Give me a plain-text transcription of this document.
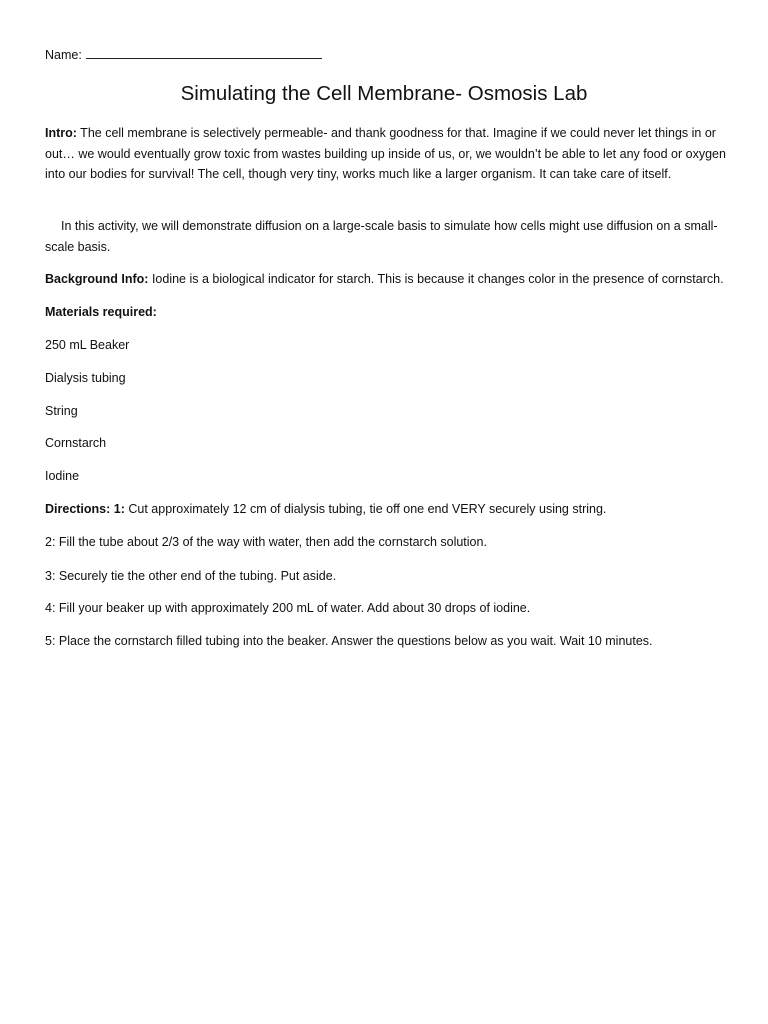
Name:
Simulating the Cell Membrane- Osmosis Lab
Intro: The cell membrane is selectively permeable- and thank goodness for that. Imagine if we could never let things in or out… we would eventually grow toxic from wastes building up inside of us, or, we wouldn’t be able to let any food or oxygen into our bodies for survival! The cell, though very tiny, works much like a larger organism. It can take care of itself.
In this activity, we will demonstrate diffusion on a large-scale basis to simulate how cells might use diffusion on a small-scale basis.
Background Info: Iodine is a biological indicator for starch. This is because it changes color in the presence of cornstarch.
Materials required:
250 mL Beaker
Dialysis tubing
String
Cornstarch
Iodine
Directions: 1: Cut approximately 12 cm of dialysis tubing, tie off one end VERY securely using string.
2: Fill the tube about 2/3 of the way with water, then add the cornstarch solution.
3: Securely tie the other end of the tubing. Put aside.
4: Fill your beaker up with approximately 200 mL of water. Add about 30 drops of iodine.
5: Place the cornstarch filled tubing into the beaker. Answer the questions below as you wait. Wait 10 minutes.
